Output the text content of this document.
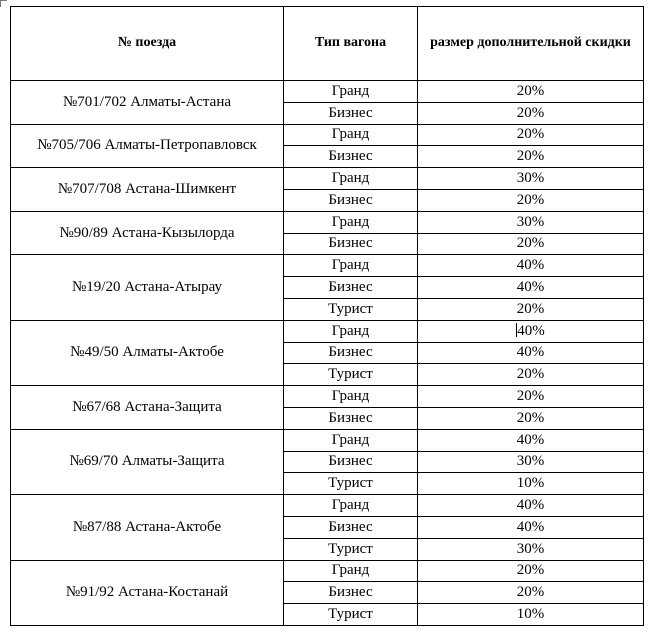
№ поезда	Тип вагона	размер дополнительной скидки
№701/702 Алматы-Астана	Гранд	20%
	Бизнес	20%
№705/706 Алматы-Петропавловск	Гранд	20%
	Бизнес	20%
№707/708 Астана-Шимкент	Гранд	30%
	Бизнес	20%
№90/89 Астана-Кызылорда	Гранд	30%
	Бизнес	20%
№19/20 Астана-Атырау	Гранд	40%
	Бизнес	40%
	Турист	20%
№49/50 Алматы-Актобе	Гранд	40%
	Бизнес	40%
	Турист	20%
№67/68 Астана-Защита	Гранд	20%
	Бизнес	20%
№69/70 Алматы-Защита	Гранд	40%
	Бизнес	30%
	Турист	10%
№87/88 Астана-Актобе	Гранд	40%
	Бизнес	40%
	Турист	30%
№91/92 Астана-Костанай	Гранд	20%
	Бизнес	20%
	Турист	10%
